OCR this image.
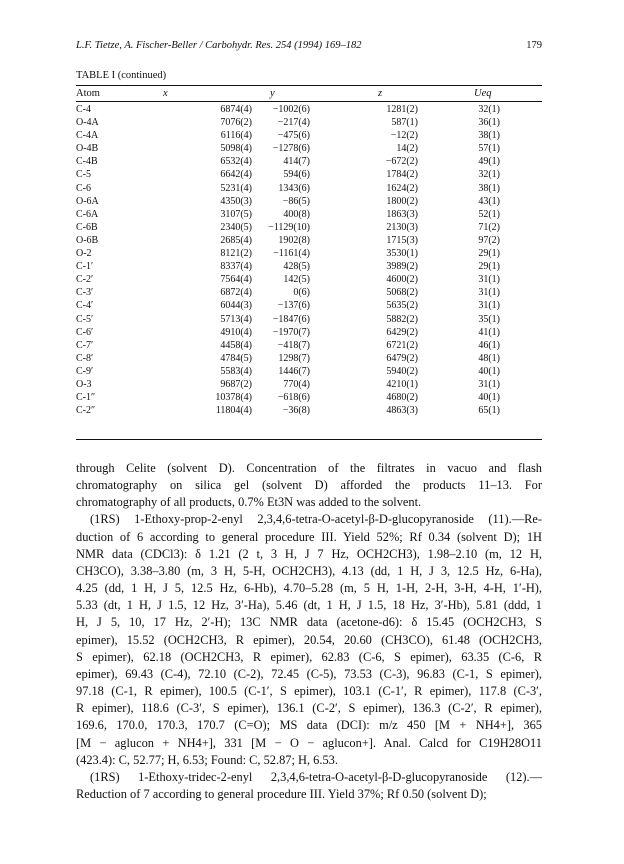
L.F. Tietze, A. Fischer-Beller / Carbohydr. Res. 254 (1994) 169–182	179
TABLE I (continued)
Atom	x	y	z	Ueq
C-4	6874(4) −1002(6)	1281(2)	32(1)
O-4A	7076(2)	−217(4)	587(1)	36(1)
C-4A	6116(4)	−475(6)	−12(2)	38(1)
O-4B	5098(4) −1278(6)	14(2)	57(1)
C-4B	6532(4)	414(7)	−672(2)	49(1)
C-5	6642(4)	594(6)	1784(2)	32(1)
C-6	5231(4)	1343(6)	1624(2)	38(1)
O-6A	4350(3)	−86(5)	1800(2)	43(1)
C-6A	3107(5)	400(8)	1863(3)	52(1)
C-6B	2340(5) −1129(10)	2130(3)	71(2)
O-6B	2685(4)	1902(8)	1715(3)	97(2)
O-2	8121(2) −1161(4)	3530(1)	29(1)
C-1′	8337(4)	428(5)	3989(2)	29(1)
C-2′	7564(4)	142(5)	4600(2)	31(1)
C-3′	6872(4)	0(6)	5068(2)	31(1)
C-4′	6044(3)	−137(6)	5635(2)	31(1)
C-5′	5713(4) −1847(6)	5882(2)	35(1)
C-6′	4910(4) −1970(7)	6429(2)	41(1)
C-7′	4458(4)	−418(7)	6721(2)	46(1)
C-8′	4784(5)	1298(7)	6479(2)	48(1)
C-9′	5583(4)	1446(7)	5940(2)	40(1)
O-3	9687(2)	770(4)	4210(1)	31(1)
C-1″	10378(4)	−618(6)	4680(2)	40(1)
C-2″	11804(4)	−36(8)	4863(3)	65(1)

through Celite (solvent D). Concentration of the filtrates in vacuo and flash

chromatography on silica gel (solvent D) afforded the products 11–13. For

chromatography of all products, 0.7% Et3N was added to the solvent.

(1RS) 1-Ethoxy-prop-2-enyl 2,3,4,6-tetra-O-acetyl-β-D-glucopyranoside (11).—Re-

duction of 6 according to general procedure III. Yield 52%; Rf 0.34 (solvent D); 1H

NMR data (CDCl3): δ 1.21 (2 t, 3 H, J 7 Hz, OCH2CH3), 1.98–2.10 (m, 12 H,

CH3CO), 3.38–3.80 (m, 3 H, 5-H, OCH2CH3), 4.13 (dd, 1 H, J 3, 12.5 Hz, 6-Ha),

4.25 (dd, 1 H, J 5, 12.5 Hz, 6-Hb), 4.70–5.28 (m, 5 H, 1-H, 2-H, 3-H, 4-H, 1′-H),

5.33 (dt, 1 H, J 1.5, 12 Hz, 3′-Ha), 5.46 (dt, 1 H, J 1.5, 18 Hz, 3′-Hb), 5.81 (ddd, 1

H, J 5, 10, 17 Hz, 2′-H); 13C NMR data (acetone-d6): δ 15.45 (OCH2CH3, S

epimer), 15.52 (OCH2CH3, R epimer), 20.54, 20.60 (CH3CO), 61.48 (OCH2CH3,

S epimer), 62.18 (OCH2CH3, R epimer), 62.83 (C-6, S epimer), 63.35 (C-6, R

epimer), 69.43 (C-4), 72.10 (C-2), 72.45 (C-5), 73.53 (C-3), 96.83 (C-1, S epimer),

97.18 (C-1, R epimer), 100.5 (C-1′, S epimer), 103.1 (C-1′, R epimer), 117.8 (C-3′,

R epimer), 118.6 (C-3′, S epimer), 136.1 (C-2′, S epimer), 136.3 (C-2′, R epimer),

169.6, 170.0, 170.3, 170.7 (C=O); MS data (DCI): m/z 450 [M + NH4+], 365

[M − aglucon + NH4+], 331 [M − O − aglucon+]. Anal. Calcd for C19H28O11

(423.4): C, 52.77; H, 6.53; Found: C, 52.87; H, 6.53.

(1RS) 1-Ethoxy-tridec-2-enyl 2,3,4,6-tetra-O-acetyl-β-D-glucopyranoside (12).—

Reduction of 7 according to general procedure III. Yield 37%; Rf 0.50 (solvent D);
